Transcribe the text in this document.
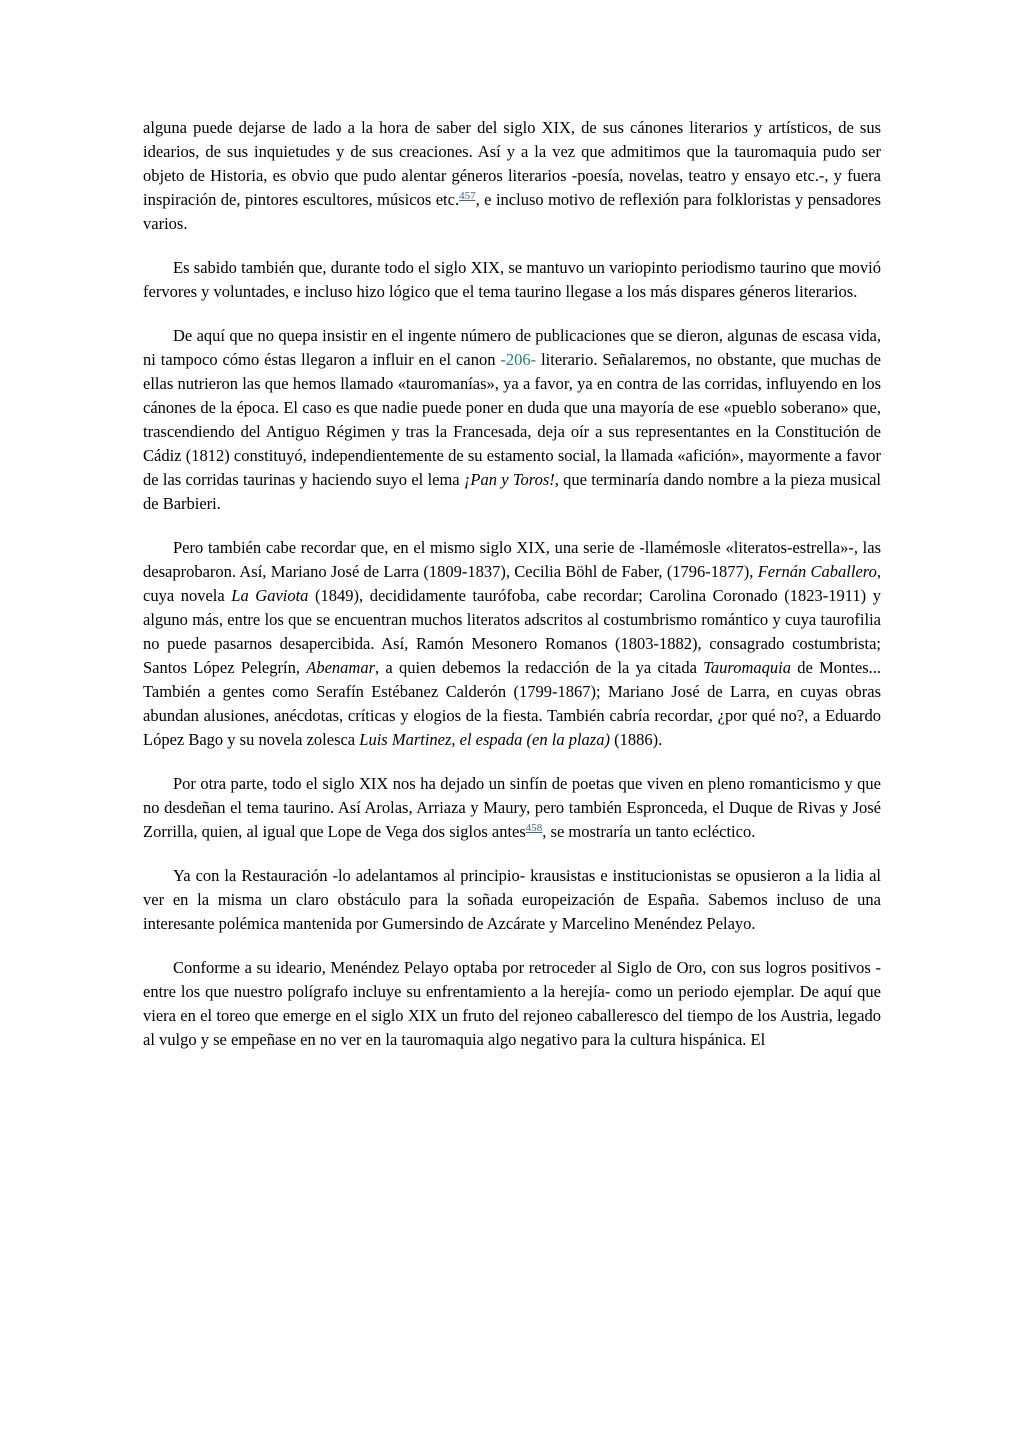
alguna puede dejarse de lado a la hora de saber del siglo XIX, de sus cánones literarios y artísticos, de sus idearios, de sus inquietudes y de sus creaciones. Así y a la vez que admitimos que la tauromaquia pudo ser objeto de Historia, es obvio que pudo alentar géneros literarios -poesía, novelas, teatro y ensayo etc.-, y fuera inspiración de, pintores escultores, músicos etc.$^{457}$, e incluso motivo de reflexión para folkloristas y pensadores varios.

Es sabido también que, durante todo el siglo XIX, se mantuvo un variopinto periodismo taurino que movió fervores y voluntades, e incluso hizo lógico que el tema taurino llegase a los más dispares géneros literarios.

De aquí que no quepa insistir en el ingente número de publicaciones que se dieron, algunas de escasa vida, ni tampoco cómo éstas llegaron a influir en el canon -206- literario. Señalaremos, no obstante, que muchas de ellas nutrieron las que hemos llamado «tauromanías», ya a favor, ya en contra de las corridas, influyendo en los cánones de la época. El caso es que nadie puede poner en duda que una mayoría de ese «pueblo soberano» que, trascendiendo del Antiguo Régimen y tras la Francesada, deja oír a sus representantes en la Constitución de Cádiz (1812) constituyó, independientemente de su estamento social, la llamada «afición», mayormente a favor de las corridas taurinas y haciendo suyo el lema ¡Pan y Toros!, que terminaría dando nombre a la pieza musical de Barbieri.

Pero también cabe recordar que, en el mismo siglo XIX, una serie de -llamémosle «literatos-estrella»-, las desaprobaron. Así, Mariano José de Larra (1809-1837), Cecilia Böhl de Faber, (1796-1877), Fernán Caballero, cuya novela La Gaviota (1849), decididamente taurófoba, cabe recordar; Carolina Coronado (1823-1911) y alguno más, entre los que se encuentran muchos literatos adscritos al costumbrismo romántico y cuya taurofilia no puede pasarnos desapercibida. Así, Ramón Mesonero Romanos (1803-1882), consagrado costumbrista; Santos López Pelegrín, Abenamar, a quien debemos la redacción de la ya citada Tauromaquia de Montes... También a gentes como Serafín Estébanez Calderón (1799-1867); Mariano José de Larra, en cuyas obras abundan alusiones, anécdotas, críticas y elogios de la fiesta. También cabría recordar, ¿por qué no?, a Eduardo López Bago y su novela zolesca Luis Martinez, el espada (en la plaza) (1886).

Por otra parte, todo el siglo XIX nos ha dejado un sinfín de poetas que viven en pleno romanticismo y que no desdeñan el tema taurino. Así Arolas, Arriaza y Maury, pero también Espronceda, el Duque de Rivas y José Zorrilla, quien, al igual que Lope de Vega dos siglos antes$^{458}$, se mostraría un tanto ecléctico.

Ya con la Restauración -lo adelantamos al principio- krausistas e institucionistas se opusieron a la lidia al ver en la misma un claro obstáculo para la soñada europeización de España. Sabemos incluso de una interesante polémica mantenida por Gumersindo de Azcárate y Marcelino Menéndez Pelayo.

Conforme a su ideario, Menéndez Pelayo optaba por retroceder al Siglo de Oro, con sus logros positivos -entre los que nuestro polígrafo incluye su enfrentamiento a la herejía- como un periodo ejemplar. De aquí que viera en el toreo que emerge en el siglo XIX un fruto del rejoneo caballeresco del tiempo de los Austria, legado al vulgo y se empeñase en no ver en la tauromaquia algo negativo para la cultura hispánica. El
